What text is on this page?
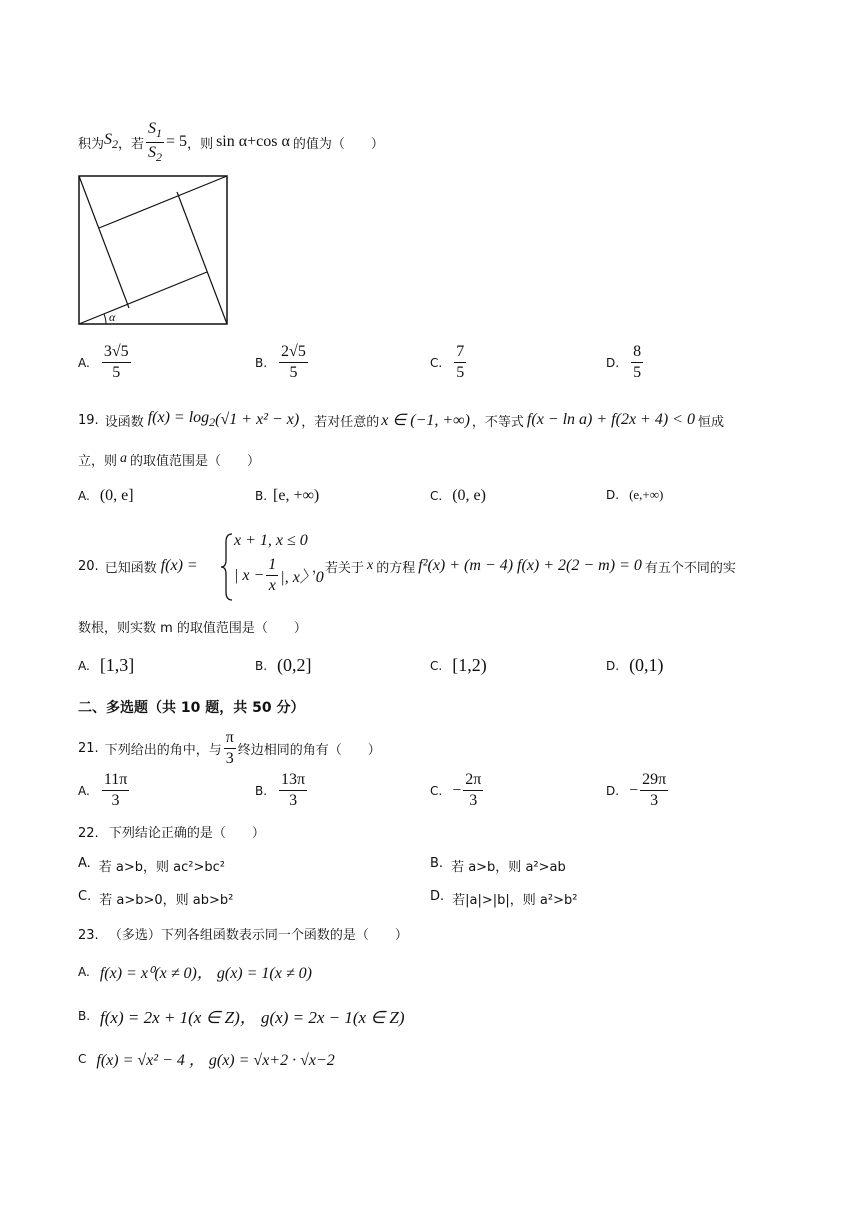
积为 $S_2$ ，若 $\frac{S_1}{S_2} = 5$ ，则 sin α+cos α 的值为（　　）
α
A. $\frac{3√5}{5}$	B. $\frac{2√5}{5}$	C. $\frac{7}{5}$	D. $\frac{8}{5}$
19. 设函数 $f(x) = \log_2 (√1 + x^2 - x)$ ，若对任意的 x ∈ (−1, +∞) ，不等式 f(x − ln a) + f(2x + 4) < 0 恒成
立，则 a 的取值范围是（　　）
A. (0, e]	B. [e, +∞)	C. (0, e)	D. (e,+∞)
20. 已知函数 f(x) =
x + 1, x ≤ 0
| $x - \frac{1}{x}$ |, x〉0
，若关于 x 的方程 f²(x) + (m − 4) f(x) + 2(2 − m) = 0 有五个不同的实
数根，则实数 m 的取值范围是（　　）
A. [1,3]	B. (0,2]	C. [1,2)	D. (0,1)
二、多选题（共 10 题，共 50 分）
21. 下列给出的角中，与 $\frac{\pi}{3}$ 终边相同的角有（　　）
A. $\frac{11\pi}{3}$	B. $\frac{13\pi}{3}$	C. − $\frac{2\pi}{3}$	D. − $\frac{29\pi}{3}$
22. 下列结论正确的是（　　）
A. 若 a>b，则 ac²>bc²	B. 若 a>b，则 a²>ab
C. 若 a>b>0，则 ab>b²	D. 若|a|>|b|，则 a²>b²
23. （多选）下列各组函数表示同一个函数的是（　　）
A. f(x) = x⁰(x ≠ 0)， g(x) = 1(x ≠ 0)
B. f(x) = 2x + 1(x ∈ Z)， g(x) = 2x − 1(x ∈ Z)
C f(x) = √x² − 4 ， g(x) = √x+2 · √x−2
